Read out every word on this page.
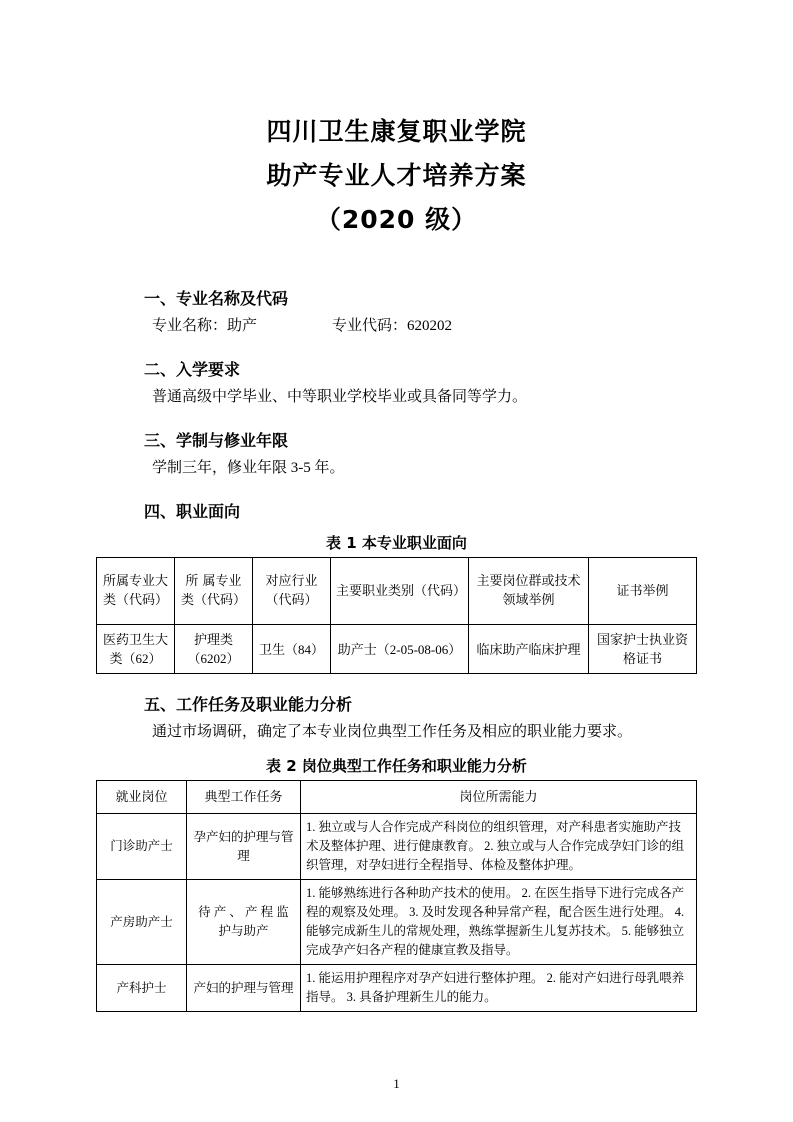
四川卫生康复职业学院
助产专业人才培养方案
（2020 级）
一、专业名称及代码
专业名称：助产	专业代码：620202
二、入学要求
普通高级中学毕业、中等职业学校毕业或具备同等学力。
三、学制与修业年限
学制三年，修业年限 3-5 年。
四、职业面向
表 1 本专业职业面向
所属专业大类（代码）	所 属专业类（代码）	对应行业（代码）	主要职业类别（代码）	主要岗位群或技术领域举例	证书举例
医药卫生大类（62）	护理类（6202）	卫生（84）	助产士（2-05-08-06）	临床助产临床护理	国家护士执业资格证书
五、工作任务及职业能力分析
通过市场调研，确定了本专业岗位典型工作任务及相应的职业能力要求。
表 2 岗位典型工作任务和职业能力分析
就业岗位	典型工作任务	岗位所需能力
门诊助产士	孕产妇的护理与管理	1. 独立或与人合作完成产科岗位的组织管理，对产科患者实施助产技术及整体护理、进行健康教育。 2. 独立或与人合作完成孕妇门诊的组织管理，对孕妇进行全程指导、体检及整体护理。
产房助产士	待 产 、 产 程 监护与助产	1. 能够熟练进行各种助产技术的使用。 2. 在医生指导下进行完成各产程的观察及处理。 3. 及时发现各种异常产程，配合医生进行处理。 4. 能够完成新生儿的常规处理，熟练掌握新生儿复苏技术。 5. 能够独立完成孕产妇各产程的健康宣教及指导。
产科护士	产妇的护理与管理	1. 能运用护理程序对孕产妇进行整体护理。 2. 能对产妇进行母乳喂养指导。 3. 具备护理新生儿的能力。
1
